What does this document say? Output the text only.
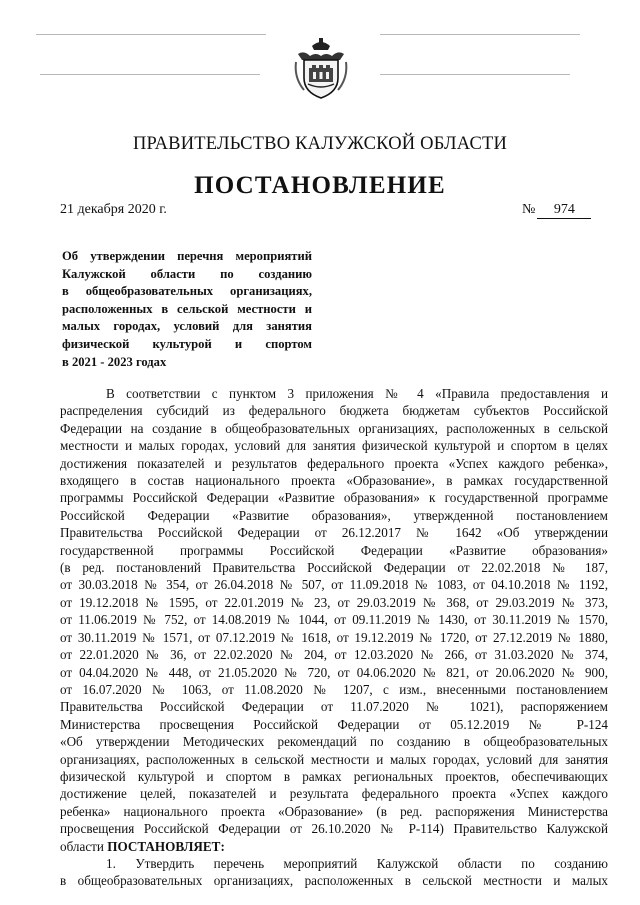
ПРАВИТЕЛЬСТВО КАЛУЖСКОЙ ОБЛАСТИ
ПОСТАНОВЛЕНИЕ
21 декабря 2020 г.	№ 974
Об утверждении перечня мероприятий
Калужской области по созданию
в общеобразовательных организациях,
расположенных в сельской местности и
малых городах, условий для занятия
физической культурой и спортом
в 2021 - 2023 годах
В соответствии с пунктом 3 приложения № 4 «Правила предоставления и
распределения субсидий из федерального бюджета бюджетам субъектов Российской
Федерации на создание в общеобразовательных организациях, расположенных в сельской
местности и малых городах, условий для занятия физической культурой и спортом в целях
достижения показателей и результатов федерального проекта «Успех каждого ребенка»,
входящего в состав национального проекта «Образование», в рамках государственной
программы Российской Федерации «Развитие образования» к государственной программе
Российской Федерации «Развитие образования», утвержденной постановлением
Правительства Российской Федерации от 26.12.2017 № 1642 «Об утверждении
государственной программы Российской Федерации «Развитие образования»
(в ред. постановлений Правительства Российской Федерации от 22.02.2018 № 187,
от 30.03.2018 № 354, от 26.04.2018 № 507, от 11.09.2018 № 1083, от 04.10.2018 № 1192,
от 19.12.2018 № 1595, от 22.01.2019 № 23, от 29.03.2019 № 368, от 29.03.2019 № 373,
от 11.06.2019 № 752, от 14.08.2019 № 1044, от 09.11.2019 № 1430, от 30.11.2019 № 1570,
от 30.11.2019 № 1571, от 07.12.2019 № 1618, от 19.12.2019 № 1720, от 27.12.2019 № 1880,
от 22.01.2020 № 36, от 22.02.2020 № 204, от 12.03.2020 № 266, от 31.03.2020 № 374,
от 04.04.2020 № 448, от 21.05.2020 № 720, от 04.06.2020 № 821, от 20.06.2020 № 900,
от 16.07.2020 № 1063, от 11.08.2020 № 1207, с изм., внесенными постановлением
Правительства Российской Федерации от 11.07.2020 № 1021), распоряжением
Министерства просвещения Российской Федерации от 05.12.2019 № Р-124
«Об утверждении Методических рекомендаций по созданию в общеобразовательных
организациях, расположенных в сельской местности и малых городах, условий для занятия
физической культурой и спортом в рамках региональных проектов, обеспечивающих
достижение целей, показателей и результата федерального проекта «Успех каждого
ребенка» национального проекта «Образование» (в ред. распоряжения Министерства
просвещения Российской Федерации от 26.10.2020 № Р-114) Правительство Калужской
области ПОСТАНОВЛЯЕТ:
1. Утвердить перечень мероприятий Калужской области по созданию
в общеобразовательных организациях, расположенных в сельской местности и малых
